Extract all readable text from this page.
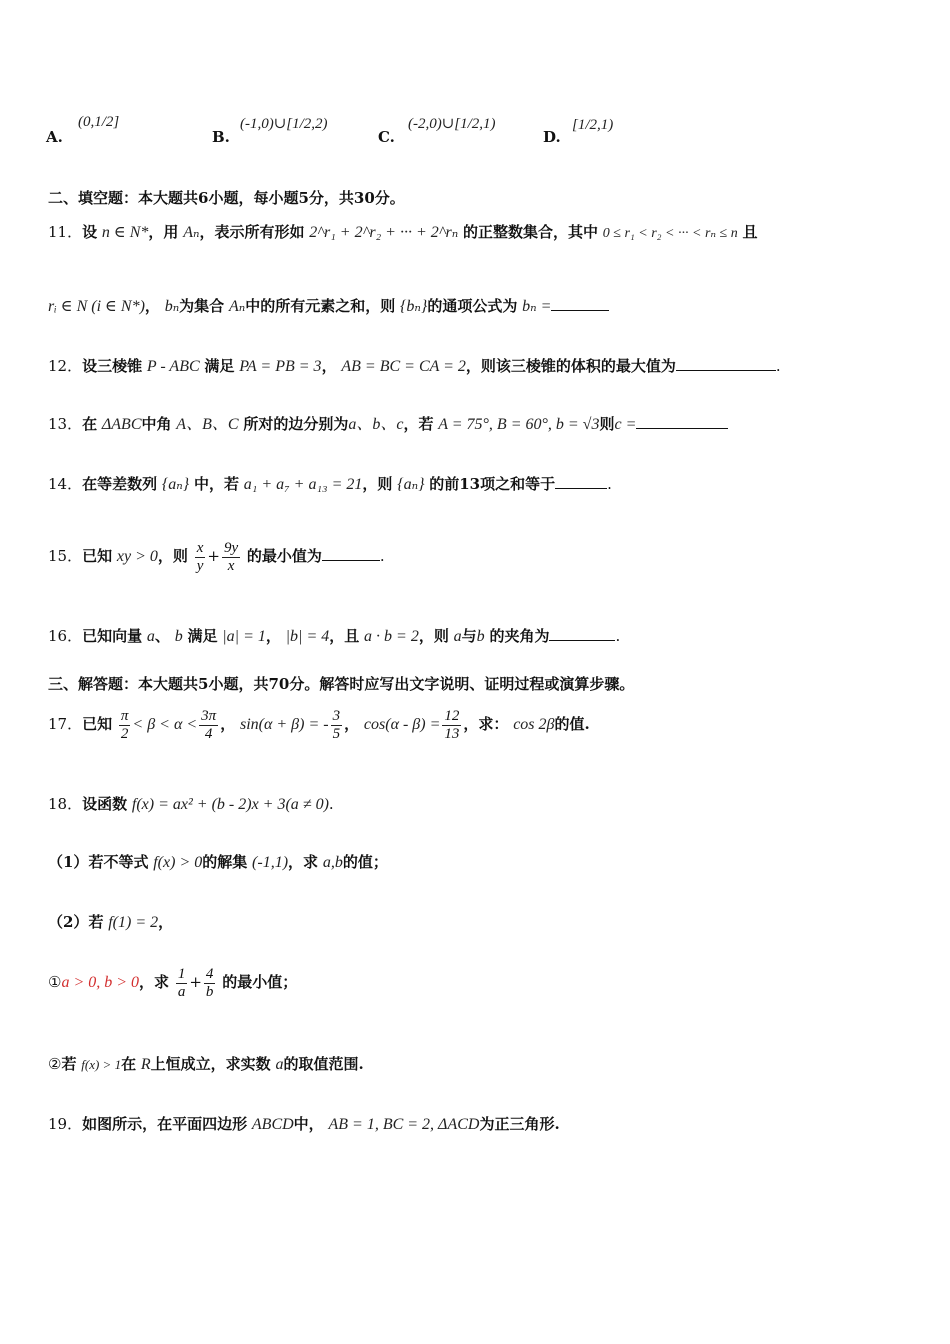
A.
(0,1/2]
B.
(-1,0)∪[1/2,2)
C.
(-2,0)∪[1/2,1)
D.
[1/2,1)
二、填空题：本大题共6小题，每小题5分，共30分。
11．设 n ∈ N*，用 Aₙ，表示所有形如 2^r₁ + 2^r₂ + ··· + 2^rₙ 的正整数集合，其中 0 ≤ r₁ < r₂ < ··· < rₙ ≤ n 且
rᵢ ∈ N (i ∈ N*)， bₙ为集合 Aₙ中的所有元素之和，则 {bₙ}的通项公式为 bₙ =
12．设三棱锥 P - ABC 满足 PA = PB = 3， AB = BC = CA = 2，则该三棱锥的体积的最大值为	.
13．在 ΔABC中角 A、B、C 所对的边分别为a、b、c，若 A = 75°, B = 60°, b = √3则c =
14．在等差数列 {aₙ} 中，若 a₁ + a₇ + a₁₃ = 21，则 {aₙ} 的前13项之和等于	.
15．已知 xy > 0，则 $\frac{x}{y} + \frac{9y}{x}$ 的最小值为	.
16．已知向量 a、 b 满足 |a| = 1， |b| = 4，且 a · b = 2，则 a与b 的夹角为	.
三、解答题：本大题共5小题，共70分。解答时应写出文字说明、证明过程或演算步骤。
17．已知 $\frac{\pi}{2} < \beta < \alpha < \frac{3\pi}{4}$ ， sin(α + β) = - $\frac{3}{5}$ ， $\cos(\alpha - \beta) = \frac{12}{13}$ ，求： cos 2β的值.
18．设函数 f(x) = ax² + (b - 2)x + 3(a ≠ 0).
（1）若不等式 f(x) > 0的解集 (-1,1)，求 a,b的值；
（2）若 f(1) = 2，
①a > 0, b > 0，求 $\frac{1}{a} + \frac{4}{b}$ 的最小值；
②若 f(x) > 1在 R上恒成立，求实数 a的取值范围.
19．如图所示，在平面四边形 ABCD中， AB = 1, BC = 2, ΔACD为正三角形.
